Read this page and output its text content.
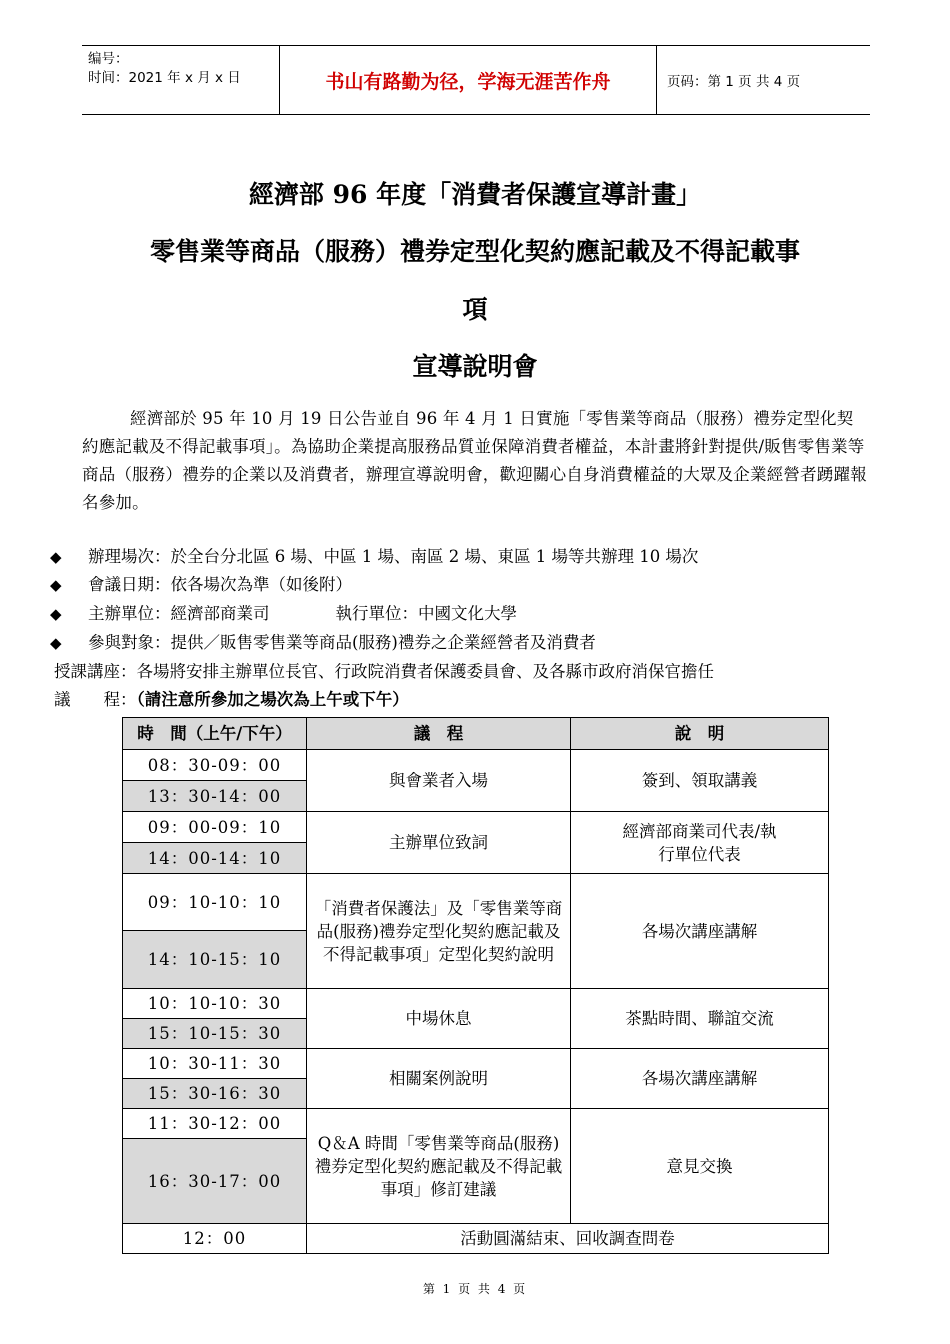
编号：
时间：2021 年 x 月 x 日	书山有路勤为径，学海无涯苦作舟	页码：第 1 页 共 4 页
經濟部 96 年度「消費者保護宣導計畫」
零售業等商品（服務）禮券定型化契約應記載及不得記載事
項
宣導說明會
經濟部於 95 年 10 月 19 日公告並自 96 年 4 月 1 日實施「零售業等商品（服務）禮券定型化契約應記載及不得記載事項」。為協助企業提高服務品質並保障消費者權益，本計畫將針對提供/販售零售業等商品（服務）禮券的企業以及消費者，辦理宣導說明會，歡迎關心自身消費權益的大眾及企業經營者踴躍報名參加。
◆ 辦理場次：於全台分北區 6 場、中區 1 場、南區 2 場、東區 1 場等共辦理 10 場次
◆ 會議日期：依各場次為準（如後附）
◆ 主辦單位：經濟部商業司　　　　執行單位：中國文化大學
◆ 參與對象：提供／販售零售業等商品(服務)禮券之企業經營者及消費者
授課講座：各場將安排主辦單位長官、行政院消費者保護委員會、及各縣市政府消保官擔任
議　　程：（請注意所參加之場次為上午或下午）
時　間（上午/下午）	議　程	說　明
08：30-09：00	與會業者入場	簽到、領取講義
13：30-14：00		
09：00-09：10	主辦單位致詞	經濟部商業司代表/執行單位代表
14：00-14：10		
09：10-10：10	「消費者保護法」及「零售業等商品(服務)禮券定型化契約應記載及不得記載事項」定型化契約說明	各場次講座講解
14：10-15：10		
10：10-10：30	中場休息	茶點時間、聯誼交流
15：10-15：30		
10：30-11：30	相關案例說明	各場次講座講解
15：30-16：30		
11：30-12：00	Q＆A 時間「零售業等商品(服務)禮券定型化契約應記載及不得記載事項」修訂建議	意見交換
16：30-17：00		
12：00	活動圓滿結束、回收調查問卷	
第 1 页 共 4 页
